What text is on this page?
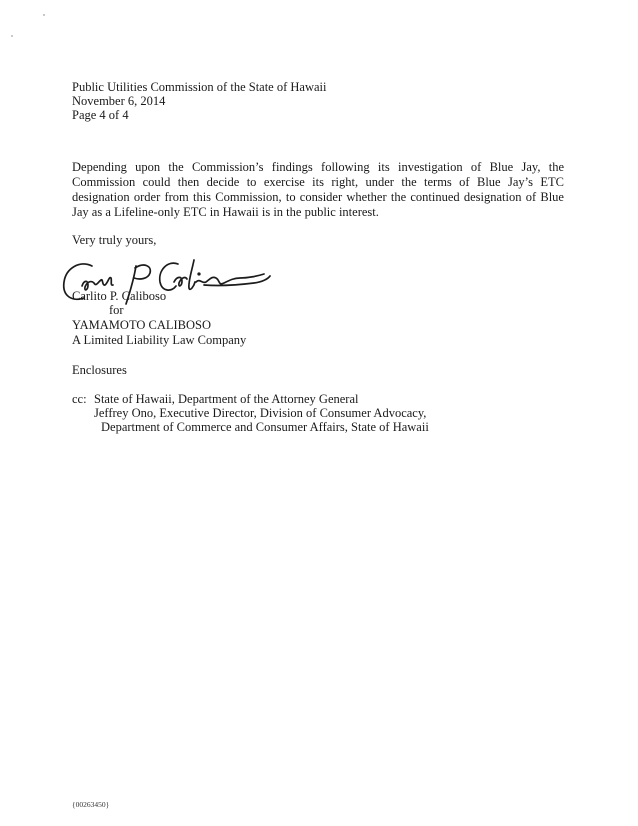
Public Utilities Commission of the State of Hawaii
November 6, 2014
Page 4 of 4
Depending upon the Commission’s findings following its investigation of Blue Jay, the
Commission could then decide to exercise its right, under the terms of Blue Jay’s ETC
designation order from this Commission, to consider whether the continued designation of Blue
Jay as a Lifeline-only ETC in Hawaii is in the public interest.
Very truly yours,
Carlito P. Caliboso
for
YAMAMOTO CALIBOSO
A Limited Liability Law Company
Enclosures
cc: State of Hawaii, Department of the Attorney General
Jeffrey Ono, Executive Director, Division of Consumer Advocacy,
Department of Commerce and Consumer Affairs, State of Hawaii
{00263450}
